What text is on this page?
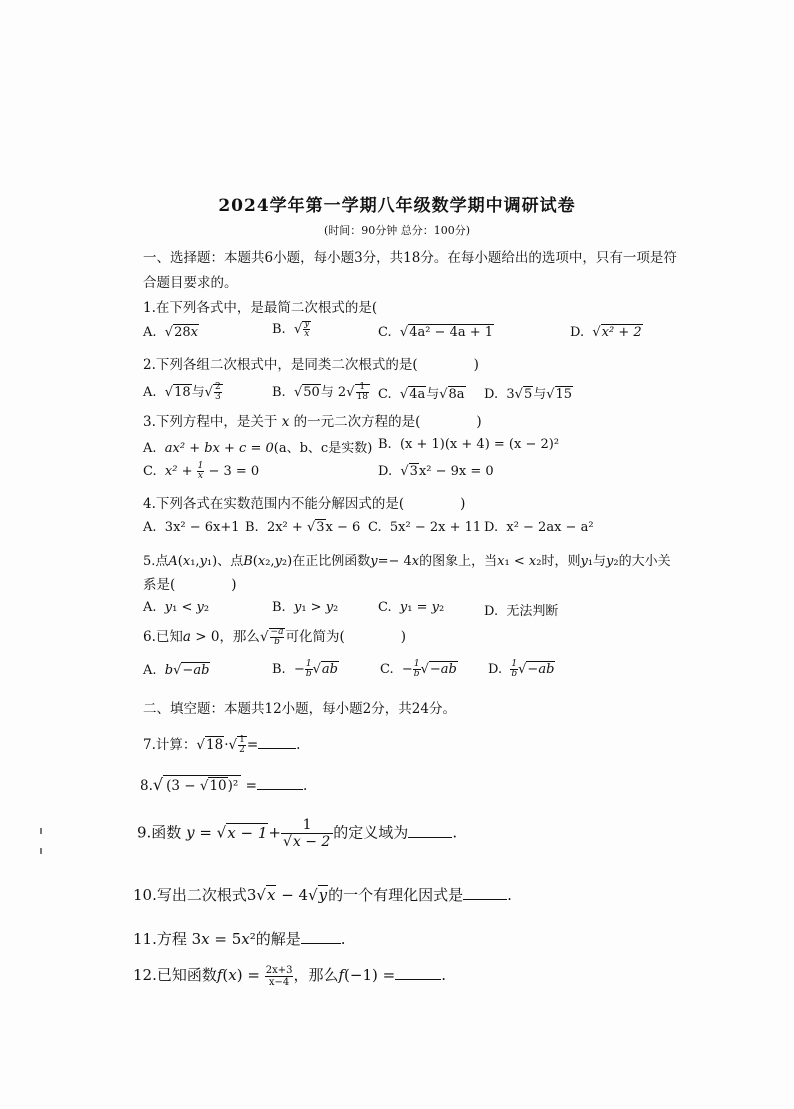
2024学年第一学期八年级数学期中调研试卷
(时间：90分钟 总分：100分)
一、选择题：本题共6小题，每小题3分，共18分。在每小题给出的选项中，只有一项是符
合题目要求的。
1.在下列各式中，是最简二次根式的是(
A.  √28x	B.  √ $\frac{y}{x}$	C.  √4a² − 4a + 1	D.  √x² + 2
2.下列各组二次根式中，是同类二次根式的是(	)
A.  √18与√ $\frac{2}{3}$	B.  √50与 $2√ \frac{1}{18} C$.  √4a与√8a D. 3√5与√15
3.下列方程中，是关于 x 的一元二次方程的是(	)
A. ax² + bx + c = 0(a、b、c是实数) B. (x + 1)(x + 4) = (x − 2)²
C. $x^2 + \frac{1}{x} - 3 = 0$	D.  √3x² − 9x = 0
4.下列各式在实数范围内不能分解因式的是(	)
A. 3x² − 6x+1 B. 2x² + √3x − 6 C. 5x² − 2x + 11 D. x² − 2ax − a²
5.点A(x₁,y₁)、点B(x₂,y₂)在正比例函数y=− 4x的图象上，当x₁ < x₂时，则y₁与y₂的大小关
系是(	)
A. y₁ < y₂	B. y₁ > y₂	C. y₁ = y₂	D. 无法判断
6.已知a > 0，那么√ $\frac{-a}{b}$ 可化简为(	)
A. b√−ab	B.  − $\frac{1}{b} √ab$	C.  − $\frac{1}{b} √-ab$ D. $\frac{1}{b} √-ab$
二、填空题：本题共12小题，每小题2分，共24分。
7.计算：$√18\cdot√ \frac{1}{2}$ =	.
8.√ (3 − √10)² =	.
9.函数 $y = √x - 1+ \frac{1}{√x - 2}$ 的定义域为	.
10.写出二次根式3√x − 4√y的一个有理化因式是	.
11.方程 3x = 5x²的解是	.
12.已知函数$f(x) = \frac{2x+3}{x-4}$ ，那么f(−1) =	.
